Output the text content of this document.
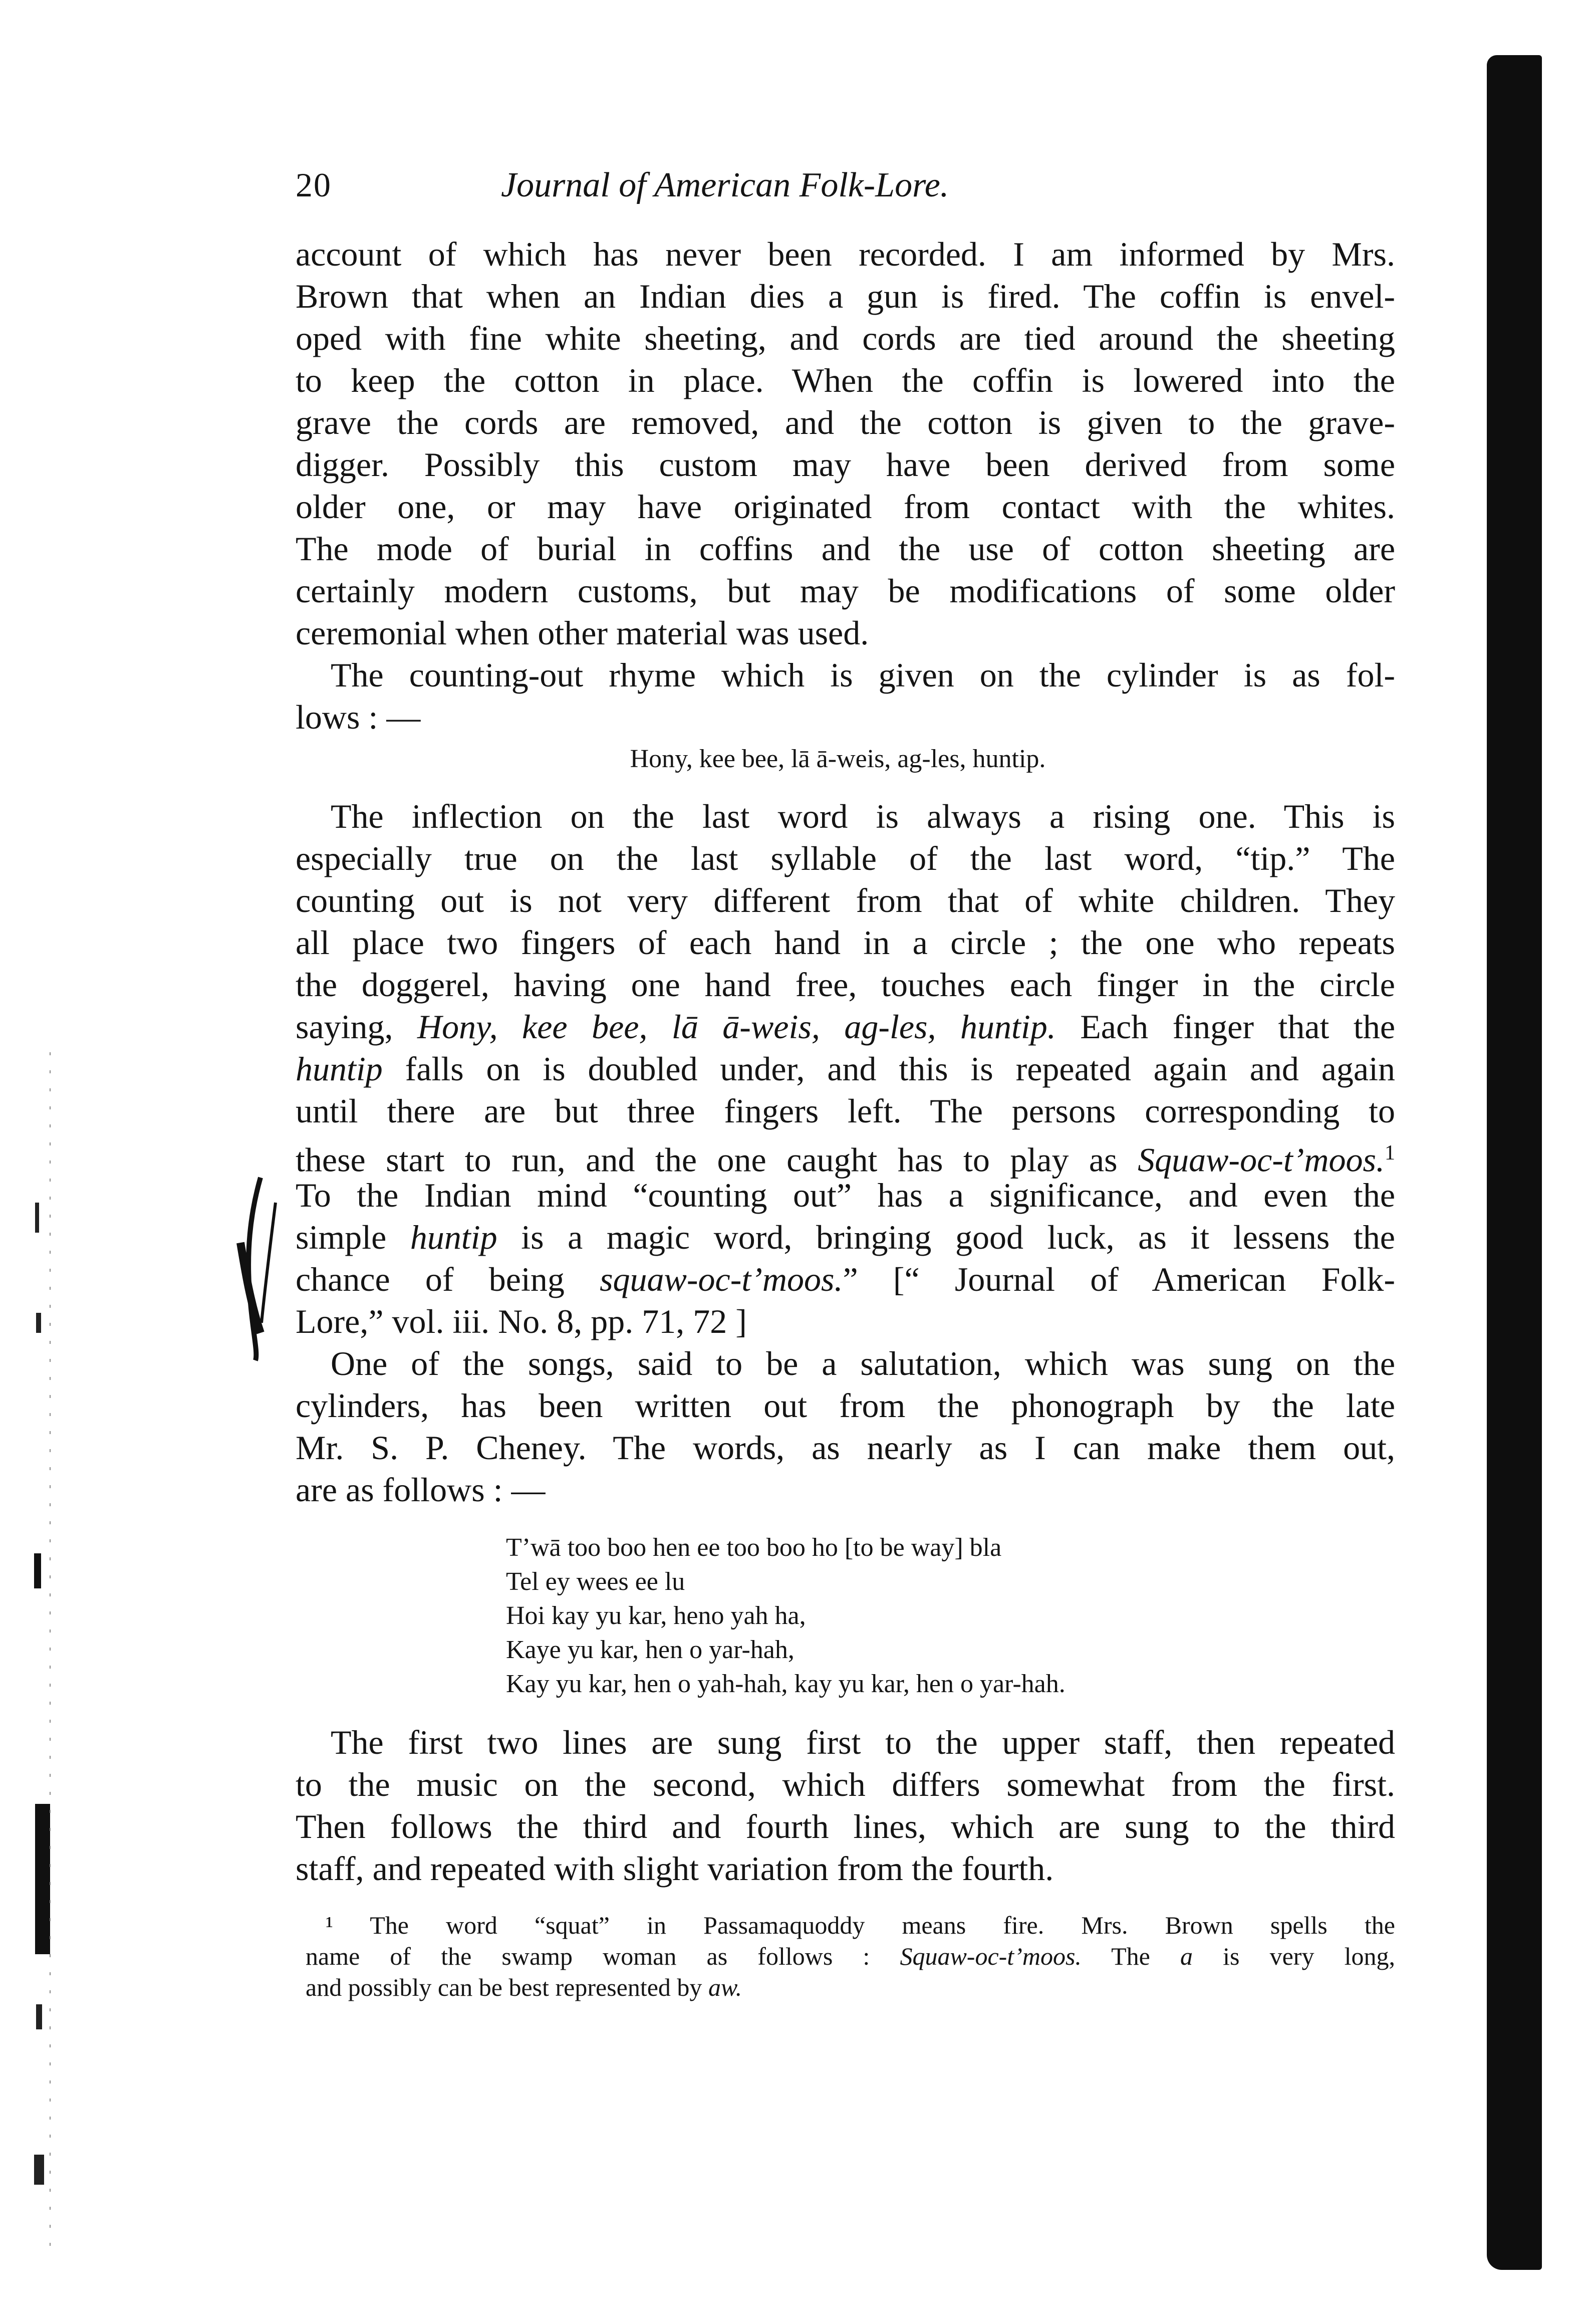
20	Journal of American Folk-Lore.
account of which has never been recorded. I am informed by Mrs.
Brown that when an Indian dies a gun is fired. The coffin is envel-
oped with fine white sheeting, and cords are tied around the sheeting
to keep the cotton in place. When the coffin is lowered into the
grave the cords are removed, and the cotton is given to the grave-
digger. Possibly this custom may have been derived from some
older one, or may have originated from contact with the whites.
The mode of burial in coffins and the use of cotton sheeting are
certainly modern customs, but may be modifications of some older
ceremonial when other material was used.
The counting-out rhyme which is given on the cylinder is as fol-
lows : —
Hony, kee bee, lā ā-weis, ag-les, huntip.
The inflection on the last word is always a rising one. This is
especially true on the last syllable of the last word, “tip.” The
counting out is not very different from that of white children. They
all place two fingers of each hand in a circle ; the one who repeats
the doggerel, having one hand free, touches each finger in the circle
saying, Hony, kee bee, lā ā-weis, ag-les, huntip. Each finger that the
huntip falls on is doubled under, and this is repeated again and again
until there are but three fingers left. The persons corresponding to
these start to run, and the one caught has to play as Squaw-oc-t’moos.$^1$
To the Indian mind “counting out” has a significance, and even the
simple huntip is a magic word, bringing good luck, as it lessens the
chance of being squaw-oc-t’moos.” [“ Journal of American Folk-
Lore,” vol. iii. No. 8, pp. 71, 72 ]
One of the songs, said to be a salutation, which was sung on the
cylinders, has been written out from the phonograph by the late
Mr. S. P. Cheney. The words, as nearly as I can make them out,
are as follows : —
T’wā too boo hen ee too boo ho [to be way] bla
Tel ey wees ee lu
Hoi kay yu kar, heno yah ha,
Kaye yu kar, hen o yar-hah,
Kay yu kar, hen o yah-hah, kay yu kar, hen o yar-hah.
The first two lines are sung first to the upper staff, then repeated
to the music on the second, which differs somewhat from the first.
Then follows the third and fourth lines, which are sung to the third
staff, and repeated with slight variation from the fourth.
¹ The word “squat” in Passamaquoddy means fire. Mrs. Brown spells the
name of the swamp woman as follows : Squaw-oc-t’moos. The a is very long,
and possibly can be best represented by aw.
